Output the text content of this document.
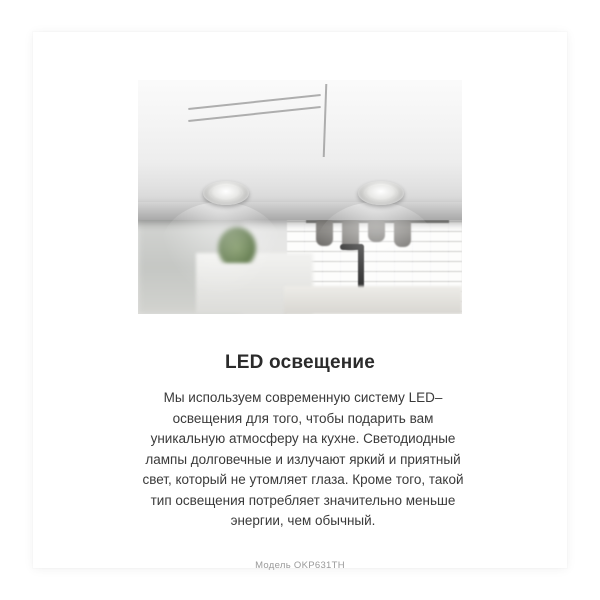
LED освещение
Мы используем современную систему LED–освещения для того, чтобы подарить вам уникальную атмосферу на кухне. Светодиодные лампы долговечные и излучают яркий и приятный свет, который не утомляет глаза. Кроме того, такой тип освещения потребляет значительно меньше энергии, чем обычный.
Модель OKP631TH
